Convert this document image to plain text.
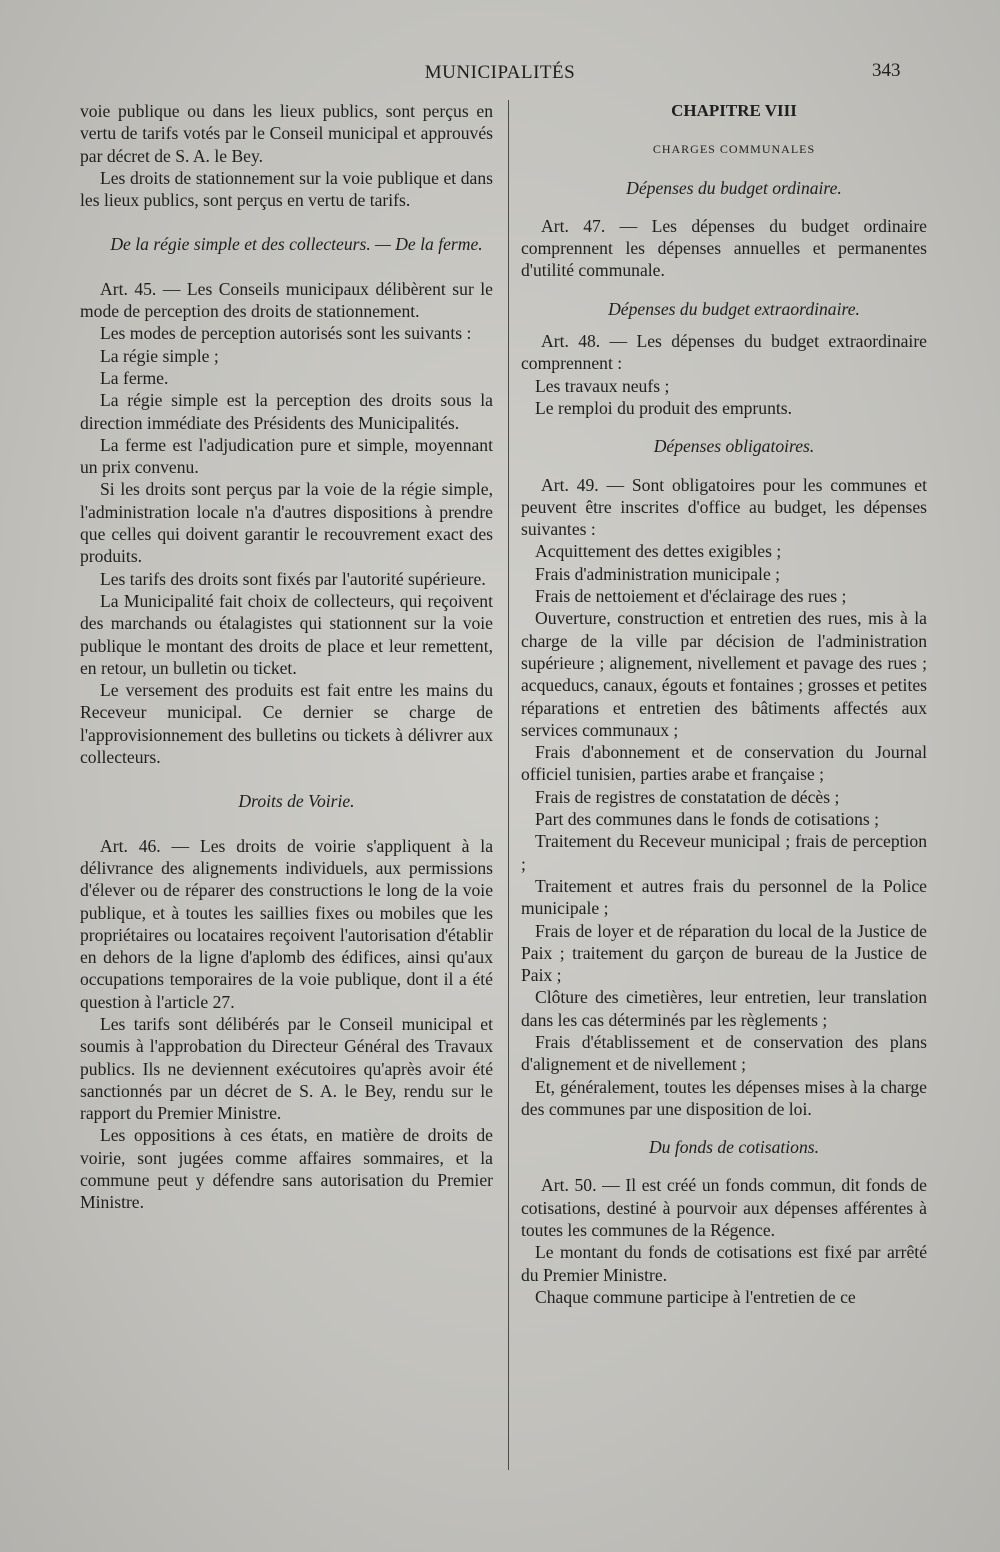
MUNICIPALITÉS	343

voie publique ou dans les lieux publics, sont perçus en vertu de tarifs votés par le Conseil municipal et approuvés par décret de S. A. le Bey.

Les droits de stationnement sur la voie publique et dans les lieux publics, sont perçus en vertu de tarifs.

De la régie simple et des collecteurs. — De la ferme.

Art. 45. — Les Conseils municipaux délibèrent sur le mode de perception des droits de stationnement.

Les modes de perception autorisés sont les suivants :

La régie simple ;

La ferme.

La régie simple est la perception des droits sous la direction immédiate des Présidents des Municipalités.

La ferme est l'adjudication pure et simple, moyennant un prix convenu.

Si les droits sont perçus par la voie de la régie simple, l'administration locale n'a d'autres dispositions à prendre que celles qui doivent garantir le recouvrement exact des produits.

Les tarifs des droits sont fixés par l'autorité supérieure.

La Municipalité fait choix de collecteurs, qui reçoivent des marchands ou étalagistes qui stationnent sur la voie publique le montant des droits de place et leur remettent, en retour, un bulletin ou ticket.

Le versement des produits est fait entre les mains du Receveur municipal. Ce dernier se charge de l'approvisionnement des bulletins ou tickets à délivrer aux collecteurs.

Droits de Voirie.

Art. 46. — Les droits de voirie s'appliquent à la délivrance des alignements individuels, aux permissions d'élever ou de réparer des constructions le long de la voie publique, et à toutes les saillies fixes ou mobiles que les propriétaires ou locataires reçoivent l'autorisation d'établir en dehors de la ligne d'aplomb des édifices, ainsi qu'aux occupations temporaires de la voie publique, dont il a été question à l'article 27.

Les tarifs sont délibérés par le Conseil municipal et soumis à l'approbation du Directeur Général des Travaux publics. Ils ne deviennent exécutoires qu'après avoir été sanctionnés par un décret de S. A. le Bey, rendu sur le rapport du Premier Ministre.

Les oppositions à ces états, en matière de droits de voirie, sont jugées comme affaires sommaires, et la commune peut y défendre sans autorisation du Premier Ministre.

CHAPITRE VIII

CHARGES COMMUNALES

Dépenses du budget ordinaire.

Art. 47. — Les dépenses du budget ordinaire comprennent les dépenses annuelles et permanentes d'utilité communale.

Dépenses du budget extraordinaire.

Art. 48. — Les dépenses du budget extraordinaire comprennent :

Les travaux neufs ;

Le remploi du produit des emprunts.

Dépenses obligatoires.

Art. 49. — Sont obligatoires pour les communes et peuvent être inscrites d'office au budget, les dépenses suivantes :

Acquittement des dettes exigibles ;

Frais d'administration municipale ;

Frais de nettoiement et d'éclairage des rues ;

Ouverture, construction et entretien des rues, mis à la charge de la ville par décision de l'administration supérieure ; alignement, nivellement et pavage des rues ; acqueducs, canaux, égouts et fontaines ; grosses et petites réparations et entretien des bâtiments affectés aux services communaux ;

Frais d'abonnement et de conservation du Journal officiel tunisien, parties arabe et française ;

Frais de registres de constatation de décès ;

Part des communes dans le fonds de cotisations ;

Traitement du Receveur municipal ; frais de perception ;

Traitement et autres frais du personnel de la Police municipale ;

Frais de loyer et de réparation du local de la Justice de Paix ; traitement du garçon de bureau de la Justice de Paix ;

Clôture des cimetières, leur entretien, leur translation dans les cas déterminés par les règlements ;

Frais d'établissement et de conservation des plans d'alignement et de nivellement ;

Et, généralement, toutes les dépenses mises à la charge des communes par une disposition de loi.

Du fonds de cotisations.

Art. 50. — Il est créé un fonds commun, dit fonds de cotisations, destiné à pourvoir aux dépenses afférentes à toutes les communes de la Régence.

Le montant du fonds de cotisations est fixé par arrêté du Premier Ministre.

Chaque commune participe à l'entretien de ce
